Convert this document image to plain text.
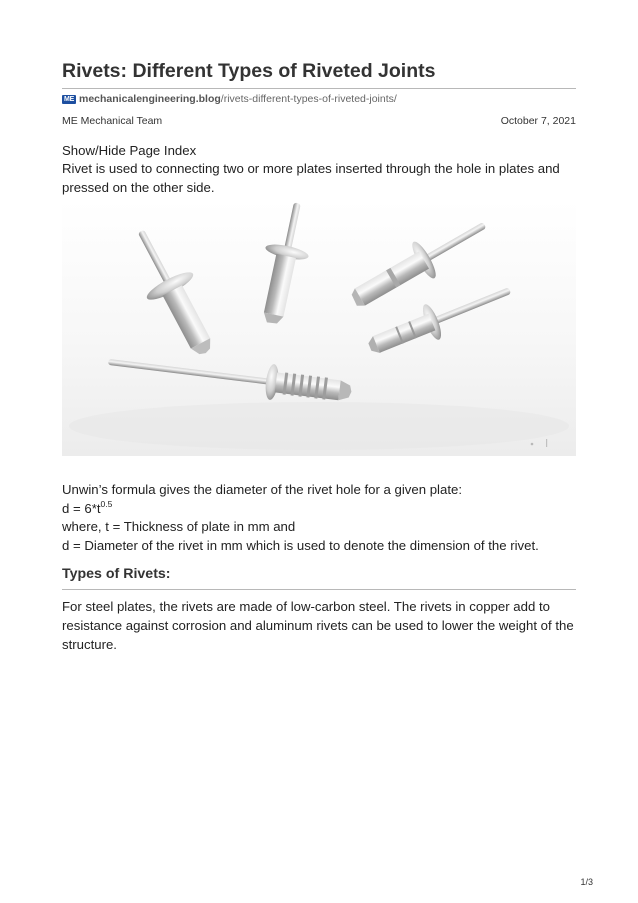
Rivets: Different Types of Riveted Joints
ME mechanicalengineering.blog /rivets-different-types-of-riveted-joints/
ME Mechanical Team	October 7, 2021

Show/Hide Page Index

Rivet is used to connecting two or more plates inserted through the hole in plates and pressed on the other side.

Unwin’s formula gives the diameter of the rivet hole for a given plate:
$d = 6*t^{0.5}$
where, t = Thickness of plate in mm and
d = Diameter of the rivet in mm which is used to denote the dimension of the rivet.
Types of Rivets:

For steel plates, the rivets are made of low-carbon steel. The rivets in copper add to resistance against corrosion and aluminum rivets can be used to lower the weight of the structure.

1/3
